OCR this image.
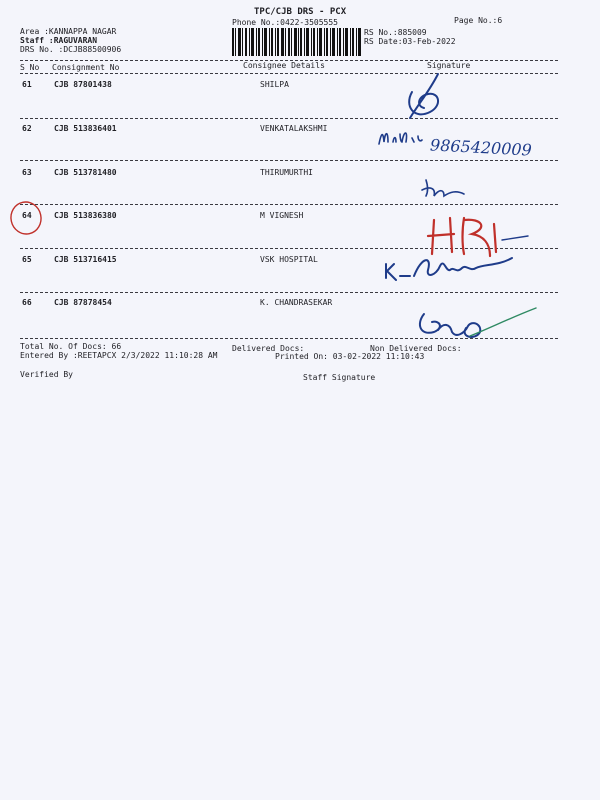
TPC/CJB DRS - PCX
Phone No.:0422-3505555	Page No.:6
Area :KANNAPPA NAGAR
Staff :RAGUVARAN
DRS No. :DCJB88500906
RS No.:885009
RS Date:03-Feb-2022
S No Consignment No	Consignee Details	Signature
61	CJB 87801438	SHILPA
62	CJB 513836401	VENKATALAKSHMI
63	CJB 513781480	THIRUMURTHI
64	CJB 513836380	M VIGNESH
65	CJB 513716415	VSK HOSPITAL
66	CJB 87878454	K. CHANDRASEKAR
Total No. Of Docs: 66	Delivered Docs:	Non Delivered Docs:
Entered By :REETAPCX 2/3/2022 11:10:28 AM	Printed On: 03-02-2022 11:10:43
Verified By	Staff Signature
9865420009
